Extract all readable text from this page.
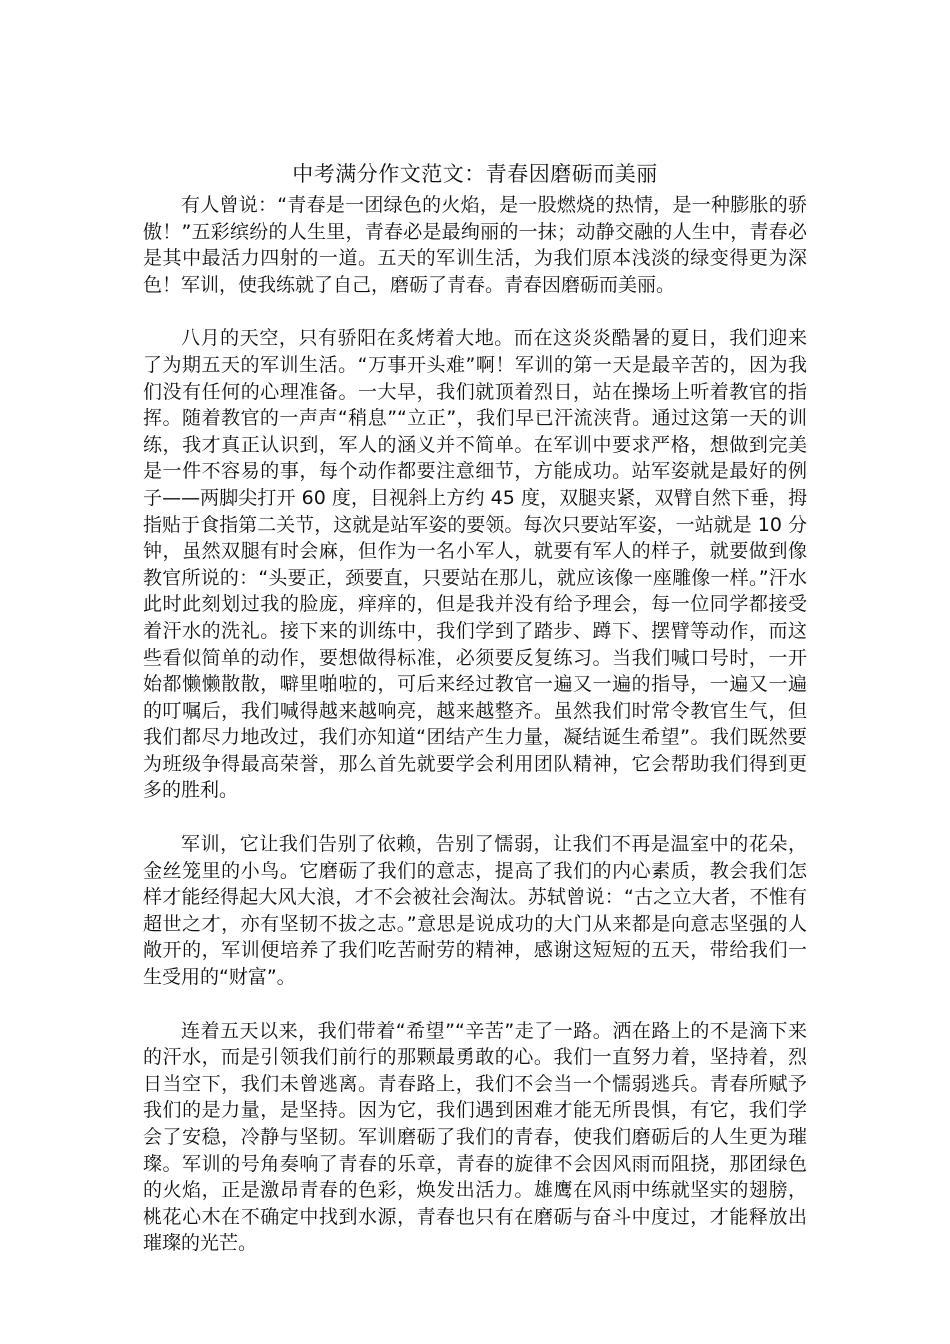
中考满分作文范文：青春因磨砺而美丽

有人曾说：“青春是一团绿色的火焰，是一股燃烧的热情，是一种膨胀的骄傲！”五彩缤纷的人生里，青春必是最绚丽的一抹；动静交融的人生中，青春必是其中最活力四射的一道。五天的军训生活，为我们原本浅淡的绿变得更为深色！军训，使我练就了自己，磨砺了青春。青春因磨砺而美丽。

八月的天空，只有骄阳在炙烤着大地。而在这炎炎酷暑的夏日，我们迎来了为期五天的军训生活。“万事开头难”啊！军训的第一天是最辛苦的，因为我们没有任何的心理准备。一大早，我们就顶着烈日，站在操场上听着教官的指挥。随着教官的一声声“稍息”“立正”，我们早已汗流浃背。通过这第一天的训练，我才真正认识到，军人的涵义并不简单。在军训中要求严格，想做到完美是一件不容易的事，每个动作都要注意细节，方能成功。站军姿就是最好的例子——两脚尖打开 60 度，目视斜上方约 45 度，双腿夹紧，双臂自然下垂，拇指贴于食指第二关节，这就是站军姿的要领。每次只要站军姿，一站就是 10 分钟，虽然双腿有时会麻，但作为一名小军人，就要有军人的样子，就要做到像教官所说的：“头要正，颈要直，只要站在那儿，就应该像一座雕像一样。”汗水此时此刻划过我的脸庞，痒痒的，但是我并没有给予理会，每一位同学都接受着汗水的洗礼。接下来的训练中，我们学到了踏步、蹲下、摆臂等动作，而这些看似简单的动作，要想做得标准，必须要反复练习。当我们喊口号时，一开始都懒懒散散，噼里啪啦的，可后来经过教官一遍又一遍的指导，一遍又一遍的叮嘱后，我们喊得越来越响亮，越来越整齐。虽然我们时常令教官生气，但我们都尽力地改过，我们亦知道“团结产生力量，凝结诞生希望”。我们既然要为班级争得最高荣誉，那么首先就要学会利用团队精神，它会帮助我们得到更多的胜利。

军训，它让我们告别了依赖，告别了懦弱，让我们不再是温室中的花朵，金丝笼里的小鸟。它磨砺了我们的意志，提高了我们的内心素质，教会我们怎样才能经得起大风大浪，才不会被社会淘汰。苏轼曾说：“古之立大者，不惟有超世之才，亦有坚韧不拔之志。”意思是说成功的大门从来都是向意志坚强的人敞开的，军训便培养了我们吃苦耐劳的精神，感谢这短短的五天，带给我们一生受用的“财富”。

连着五天以来，我们带着“希望”“辛苦”走了一路。洒在路上的不是滴下来的汗水，而是引领我们前行的那颗最勇敢的心。我们一直努力着，坚持着，烈日当空下，我们未曾逃离。青春路上，我们不会当一个懦弱逃兵。青春所赋予我们的是力量，是坚持。因为它，我们遇到困难才能无所畏惧，有它，我们学会了安稳，冷静与坚韧。军训磨砺了我们的青春，使我们磨砺后的人生更为璀璨。军训的号角奏响了青春的乐章，青春的旋律不会因风雨而阻挠，那团绿色的火焰，正是激昂青春的色彩，焕发出活力。雄鹰在风雨中练就坚实的翅膀，桃花心木在不确定中找到水源，青春也只有在磨砺与奋斗中度过，才能释放出璀璨的光芒。
